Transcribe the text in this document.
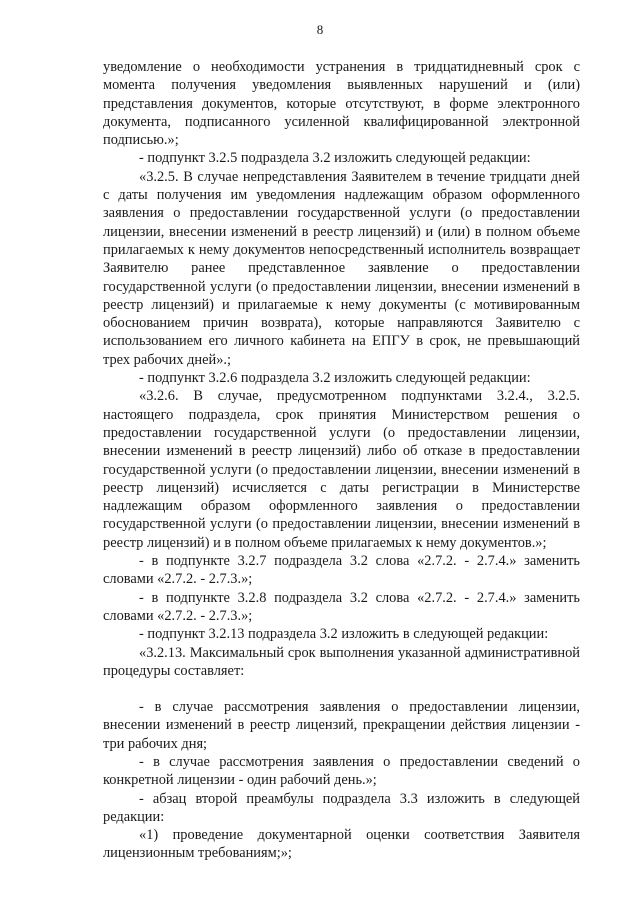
8

уведомление о необходимости устранения в тридцатидневный срок с момента получения уведомления выявленных нарушений и (или) представления документов, которые отсутствуют, в форме электронного документа, подписанного усиленной квалифицированной электронной подписью.»;

- подпункт 3.2.5 подраздела 3.2 изложить следующей редакции:

«3.2.5. В случае непредставления Заявителем в течение тридцати дней с даты получения им уведомления надлежащим образом оформленного заявления о предоставлении государственной услуги (о предоставлении лицензии, внесении изменений в реестр лицензий) и (или) в полном объеме прилагаемых к нему документов непосредственный исполнитель возвращает Заявителю ранее представленное заявление о предоставлении государственной услуги (о предоставлении лицензии, внесении изменений в реестр лицензий) и прилагаемые к нему документы (с мотивированным обоснованием причин возврата), которые направляются Заявителю с использованием его личного кабинета на ЕПГУ в срок, не превышающий трех рабочих дней».;

- подпункт 3.2.6 подраздела 3.2 изложить следующей редакции:

«3.2.6. В случае, предусмотренном подпунктами 3.2.4., 3.2.5. настоящего подраздела, срок принятия Министерством решения о предоставлении государственной услуги (о предоставлении лицензии, внесении изменений в реестр лицензий) либо об отказе в предоставлении государственной услуги (о предоставлении лицензии, внесении изменений в реестр лицензий) исчисляется с даты регистрации в Министерстве надлежащим образом оформленного заявления о предоставлении государственной услуги (о предоставлении лицензии, внесении изменений в реестр лицензий) и в полном объеме прилагаемых к нему документов.»;

- в подпункте 3.2.7 подраздела 3.2 слова «2.7.2. - 2.7.4.» заменить словами «2.7.2. - 2.7.3.»;

- в подпункте 3.2.8 подраздела 3.2 слова «2.7.2. - 2.7.4.» заменить словами «2.7.2. - 2.7.3.»;

- подпункт 3.2.13 подраздела 3.2 изложить в следующей редакции:

«3.2.13. Максимальный срок выполнения указанной административной процедуры составляет:

- в случае рассмотрения заявления о предоставлении лицензии, внесении изменений в реестр лицензий, прекращении действия лицензии - три рабочих дня;

- в случае рассмотрения заявления о предоставлении сведений о конкретной лицензии - один рабочий день.»;

- абзац второй преамбулы подраздела 3.3 изложить в следующей редакции:

«1) проведение документарной оценки соответствия Заявителя лицензионным требованиям;»;
